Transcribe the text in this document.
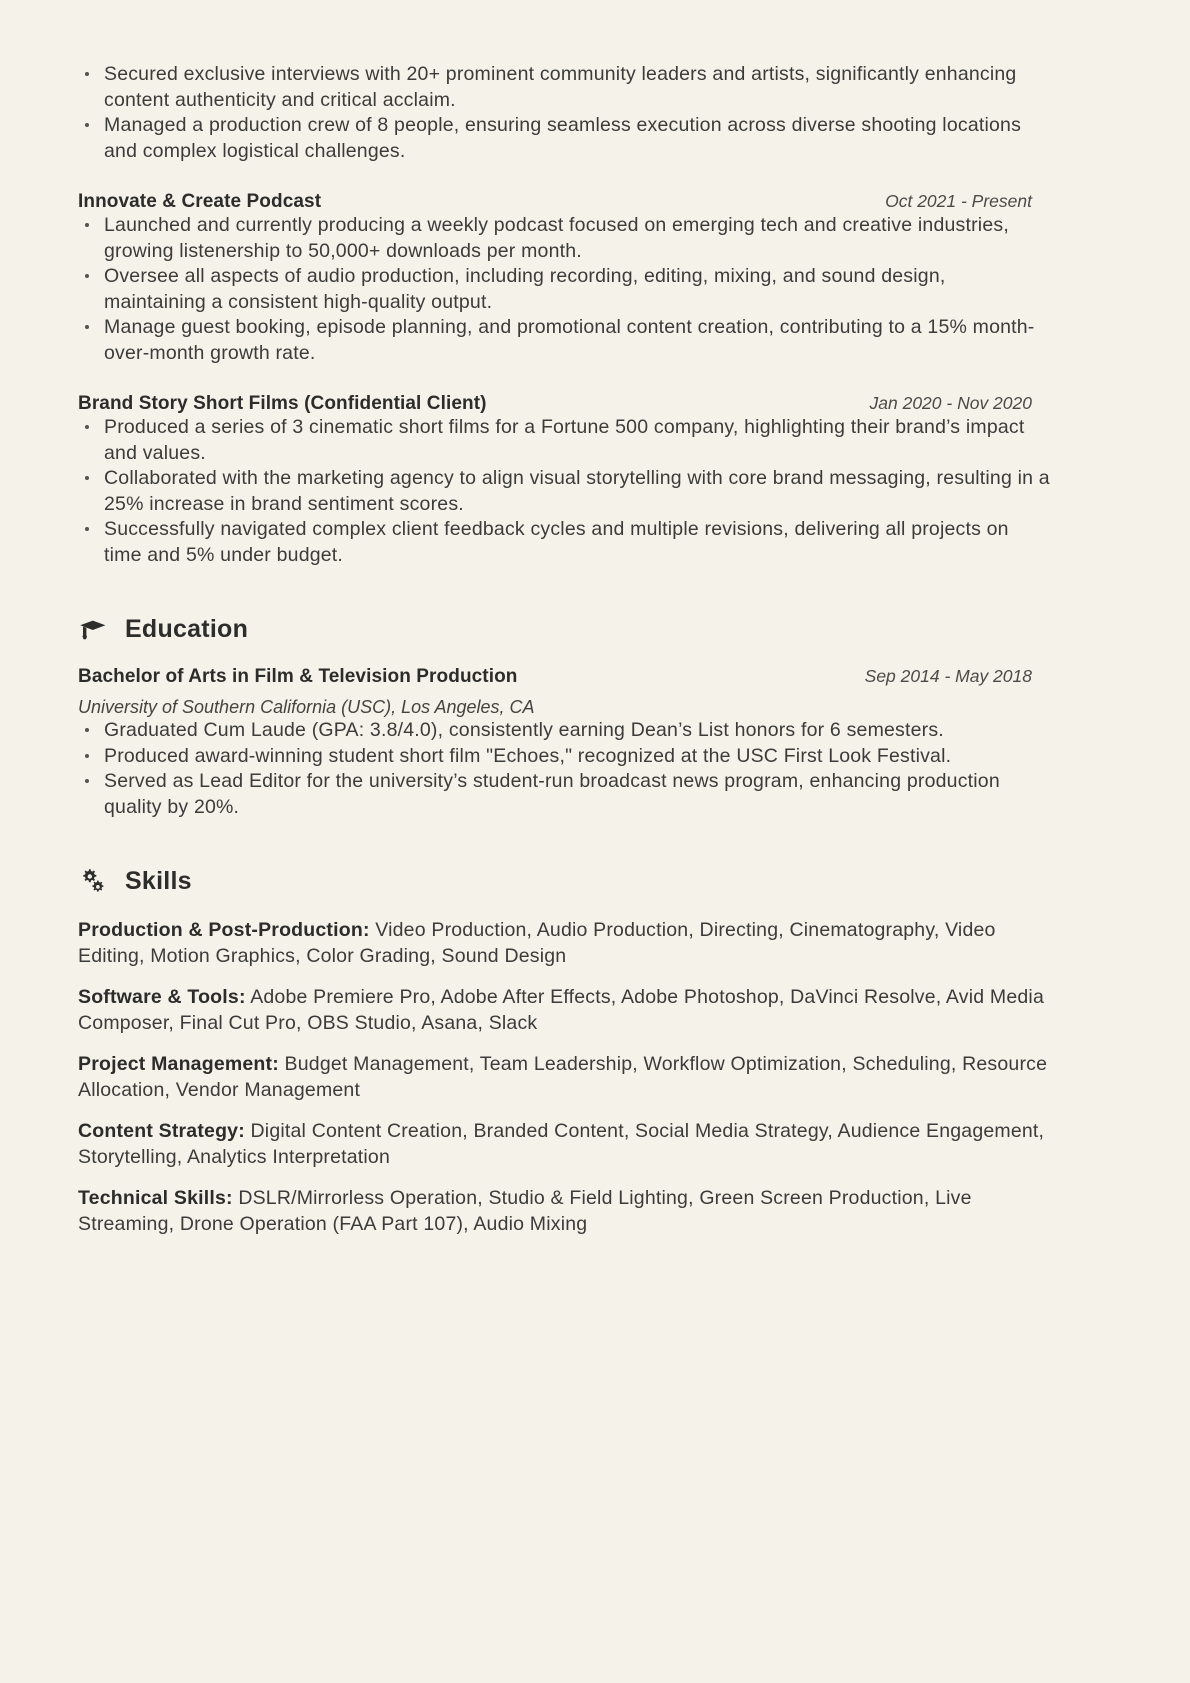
Secured exclusive interviews with 20+ prominent community leaders and artists, significantly enhancing content authenticity and critical acclaim.
Managed a production crew of 8 people, ensuring seamless execution across diverse shooting locations and complex logistical challenges.
Innovate & Create Podcast	Oct 2021 - Present
Launched and currently producing a weekly podcast focused on emerging tech and creative industries, growing listenership to 50,000+ downloads per month.
Oversee all aspects of audio production, including recording, editing, mixing, and sound design, maintaining a consistent high-quality output.
Manage guest booking, episode planning, and promotional content creation, contributing to a 15% month-over-month growth rate.
Brand Story Short Films (Confidential Client)	Jan 2020 - Nov 2020
Produced a series of 3 cinematic short films for a Fortune 500 company, highlighting their brand’s impact and values.
Collaborated with the marketing agency to align visual storytelling with core brand messaging, resulting in a 25% increase in brand sentiment scores.
Successfully navigated complex client feedback cycles and multiple revisions, delivering all projects on time and 5% under budget.
Education
Bachelor of Arts in Film & Television Production	Sep 2014 - May 2018
University of Southern California (USC), Los Angeles, CA
Graduated Cum Laude (GPA: 3.8/4.0), consistently earning Dean’s List honors for 6 semesters.
Produced award-winning student short film "Echoes," recognized at the USC First Look Festival.
Served as Lead Editor for the university’s student-run broadcast news program, enhancing production quality by 20%.
Skills
Production & Post-Production: Video Production, Audio Production, Directing, Cinematography, Video Editing, Motion Graphics, Color Grading, Sound Design
Software & Tools: Adobe Premiere Pro, Adobe After Effects, Adobe Photoshop, DaVinci Resolve, Avid Media Composer, Final Cut Pro, OBS Studio, Asana, Slack
Project Management: Budget Management, Team Leadership, Workflow Optimization, Scheduling, Resource Allocation, Vendor Management
Content Strategy: Digital Content Creation, Branded Content, Social Media Strategy, Audience Engagement, Storytelling, Analytics Interpretation
Technical Skills: DSLR/Mirrorless Operation, Studio & Field Lighting, Green Screen Production, Live Streaming, Drone Operation (FAA Part 107), Audio Mixing
